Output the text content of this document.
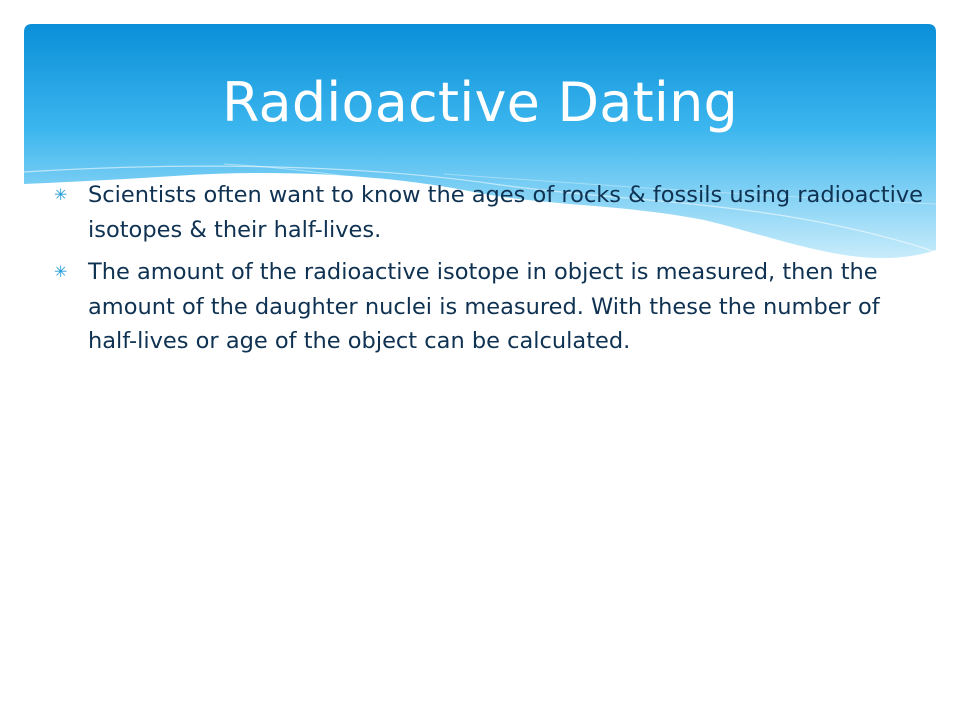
Radioactive Dating
✳ Scientists often want to know the ages of rocks & fossils using radioactive isotopes & their half-lives.
✳ The amount of the radioactive isotope in object is measured, then the amount of the daughter nuclei is measured. With these the number of half-lives or age of the object can be calculated.
